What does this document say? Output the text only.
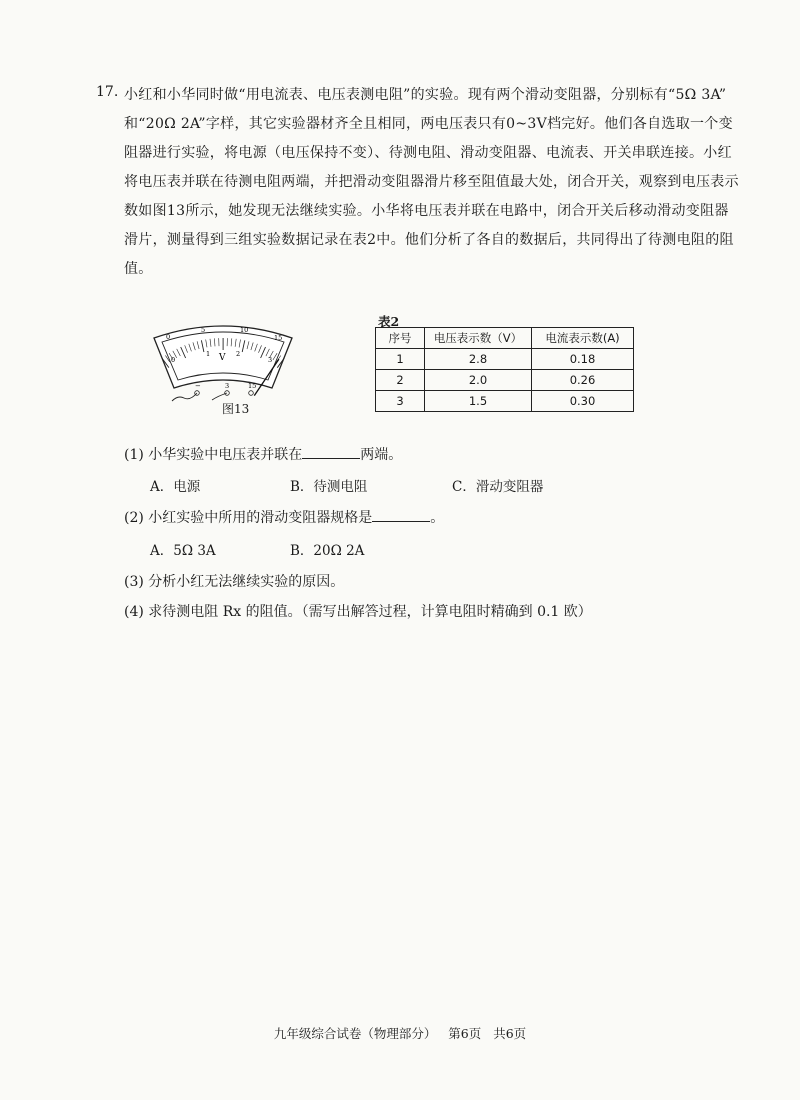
17. 小红和小华同时做“用电流表、电压表测电阻”的实验。现有两个滑动变阻器，分别标有“5Ω 3A”
和“20Ω 2A”字样，其它实验器材齐全且相同，两电压表只有0~3V档完好。他们各自选取一个变
阻器进行实验，将电源（电压保持不变）、待测电阻、滑动变阻器、电流表、开关串联连接。小红
将电压表并联在待测电阻两端，并把滑动变阻器滑片移至阻值最大处，闭合开关，观察到电压表示
数如图13所示，她发现无法继续实验。小华将电压表并联在电路中，闭合开关后移动滑动变阻器
滑片，测量得到三组实验数据记录在表2中。他们分析了各自的数据后，共同得出了待测电阻的阻
值。
0
1	2
3
0
5	10
15
V
−	3	15
图13
表2
序号	电压表示数（V）	电流表示数(A)
1	2.8	0.18
2	2.0	0.26
3	1.5	0.30
(1) 小华实验中电压表并联在	两端。
A．电源	B．待测电阻	C．滑动变阻器
(2) 小红实验中所用的滑动变阻器规格是	。
A．5Ω 3A	B．20Ω 2A
(3) 分析小红无法继续实验的原因。
(4) 求待测电阻 Rx 的阻值。（需写出解答过程，计算电阻时精确到 0.1 欧）
九年级综合试卷（物理部分） 第6页 共6页
